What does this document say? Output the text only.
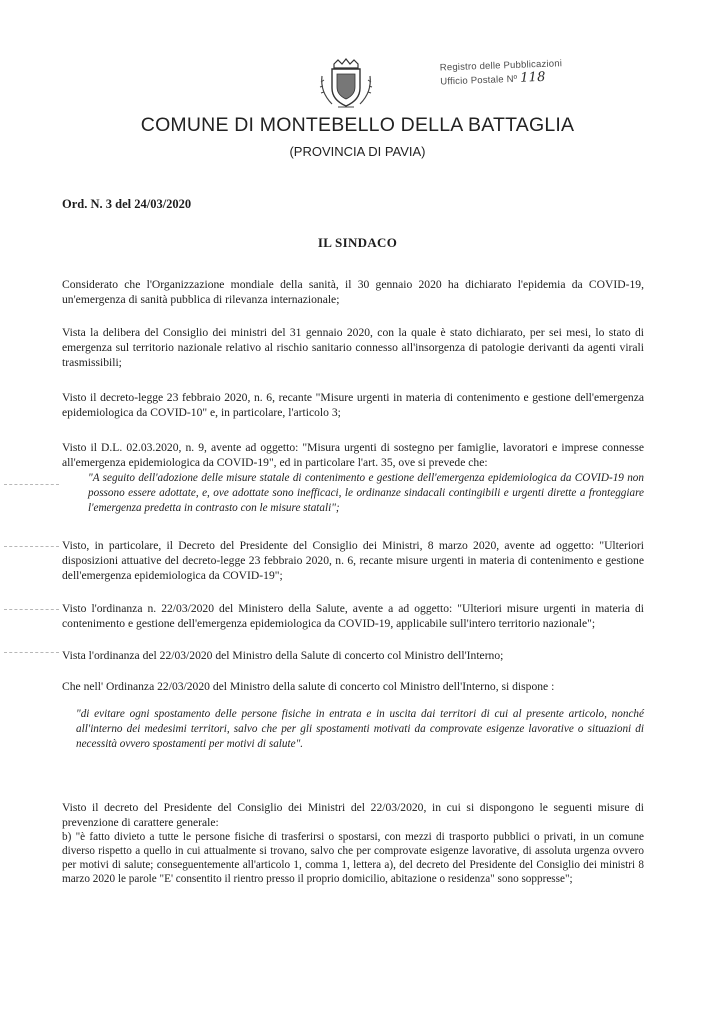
Registro delle Pubblicazioni
Ufficio Postale Nº 118
COMUNE DI MONTEBELLO DELLA BATTAGLIA
(PROVINCIA DI PAVIA)
Ord. N. 3 del 24/03/2020
IL SINDACO
Considerato che l'Organizzazione mondiale della sanità, il 30 gennaio 2020 ha dichiarato l'epidemia da COVID-19, un'emergenza di sanità pubblica di rilevanza internazionale;
Vista la delibera del Consiglio dei ministri del 31 gennaio 2020, con la quale è stato dichiarato, per sei mesi, lo stato di emergenza sul territorio nazionale relativo al rischio sanitario connesso all'insorgenza di patologie derivanti da agenti virali trasmissibili;
Visto il decreto-legge 23 febbraio 2020, n. 6, recante "Misure urgenti in materia di contenimento e gestione dell'emergenza epidemiologica da COVID-10" e, in particolare, l'articolo 3;
Visto il D.L. 02.03.2020, n. 9, avente ad oggetto: "Misura urgenti di sostegno per famiglie, lavoratori e imprese connesse all'emergenza epidemiologica da COVID-19", ed in particolare l'art. 35, ove si prevede che:
"A seguito dell'adozione delle misure statale di contenimento e gestione dell'emergenza epidemiologica da COVID-19 non possono essere adottate, e, ove adottate sono inefficaci, le ordinanze sindacali contingibili e urgenti dirette a fronteggiare l'emergenza predetta in contrasto con le misure statali";
Visto, in particolare, il Decreto del Presidente del Consiglio dei Ministri, 8 marzo 2020, avente ad oggetto: "Ulteriori disposizioni attuative del decreto-legge 23 febbraio 2020, n. 6, recante misure urgenti in materia di contenimento e gestione dell'emergenza epidemiologica da COVID-19";
Visto l'ordinanza n. 22/03/2020 del Ministero della Salute, avente a ad oggetto: "Ulteriori misure urgenti in materia di contenimento e gestione dell'emergenza epidemiologica da COVID-19, applicabile sull'intero territorio nazionale";
Vista l'ordinanza del 22/03/2020 del Ministro della Salute di concerto col Ministro dell'Interno;
Che nell' Ordinanza 22/03/2020 del Ministro della salute di concerto col Ministro dell'Interno, si dispone :
"di evitare ogni spostamento delle persone fisiche in entrata e in uscita dai territori di cui al presente articolo, nonché all'interno dei medesimi territori, salvo che per gli spostamenti motivati da comprovate esigenze lavorative o situazioni di necessità ovvero spostamenti per motivi di salute".
Visto il decreto del Presidente del Consiglio dei Ministri del 22/03/2020, in cui si dispongono le seguenti misure di prevenzione di carattere generale:
b) "è fatto divieto a tutte le persone fisiche di trasferirsi o spostarsi, con mezzi di trasporto pubblici o privati, in un comune diverso rispetto a quello in cui attualmente si trovano, salvo che per comprovate esigenze lavorative, di assoluta urgenza ovvero per motivi di salute; conseguentemente all'articolo 1, comma 1, lettera a), del decreto del Presidente del Consiglio dei ministri 8 marzo 2020 le parole "E' consentito il rientro presso il proprio domicilio, abitazione o residenza" sono soppresse";
